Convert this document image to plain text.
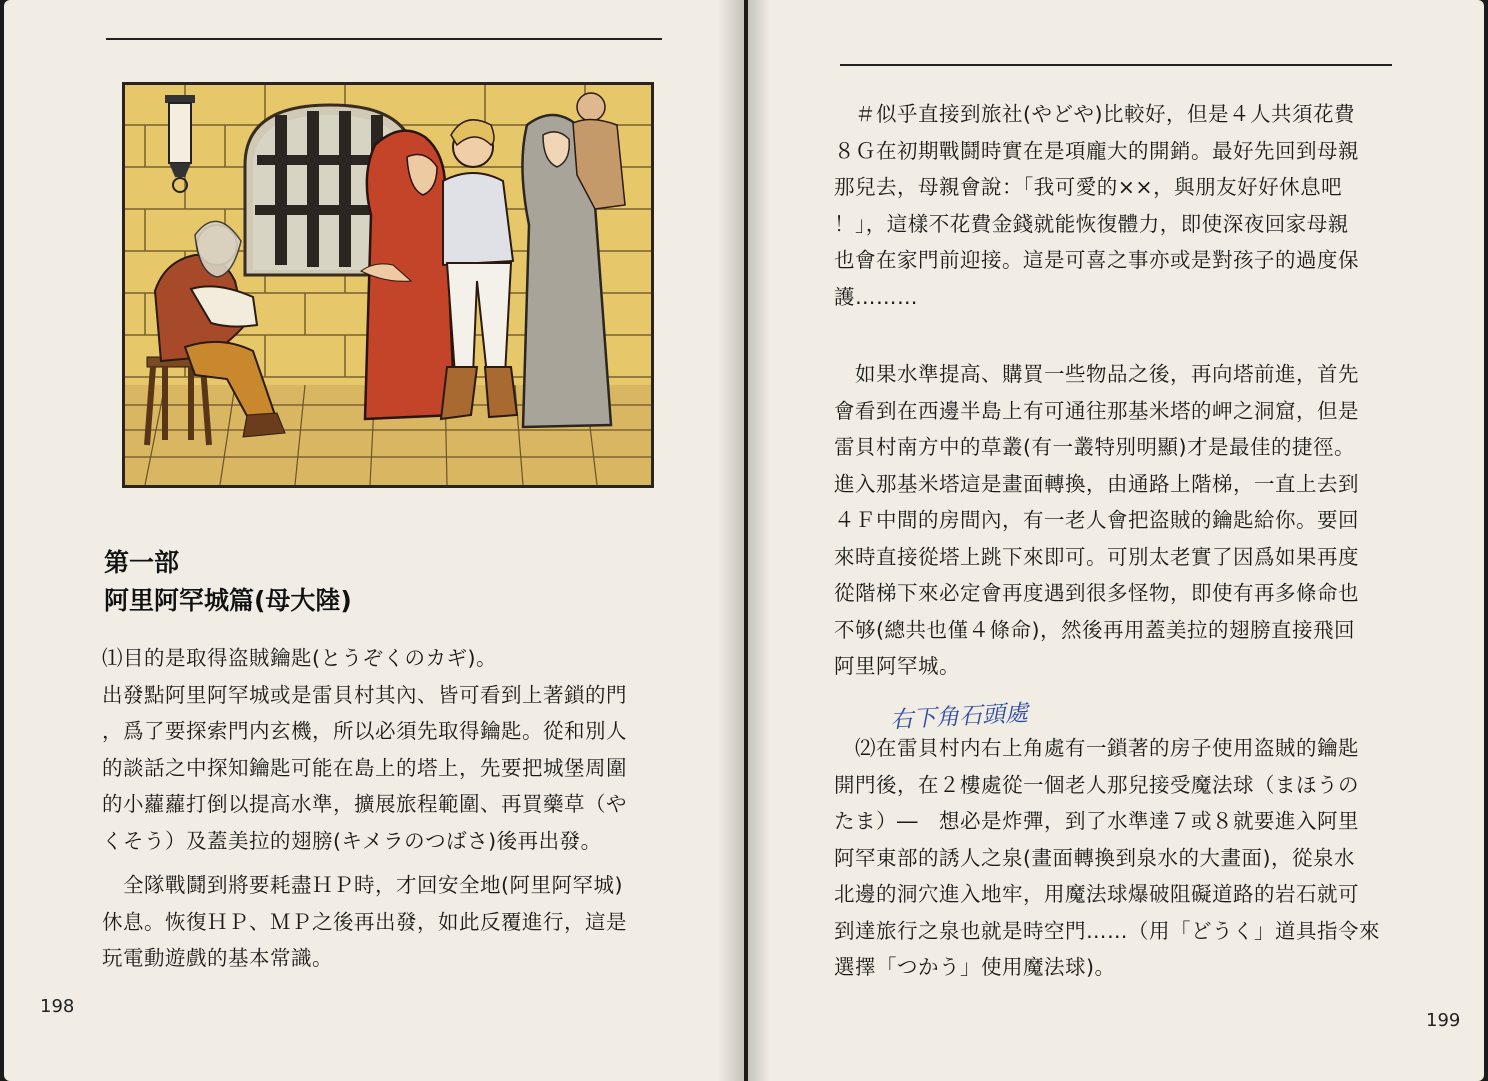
第一部
阿里阿罕城篇(母大陸)

⑴目的是取得盗賊鑰匙(とうぞくのカギ)。

出發點阿里阿罕城或是雷貝村其內、皆可看到上著鎖的門

，爲了要探索門内玄機，所以必須先取得鑰匙。從和別人

的談話之中探知鑰匙可能在島上的塔上，先要把城堡周圍

的小蘿蘿打倒以提高水準，擴展旅程範圍、再買藥草（や

くそう）及蓋美拉的翅膀(キメラのつばさ)後再出發。

　全隊戰鬪到將要耗盡ＨＰ時，才回安全地(阿里阿罕城)

休息。恢復ＨＰ、ＭＰ之後再出發，如此反覆進行，這是

玩電動遊戲的基本常識。

198

　＃似乎直接到旅社(やどや)比較好，但是４人共須花費

８Ｇ在初期戰鬪時實在是項龐大的開銷。最好先回到母親

那兒去，母親會說：「我可愛的××，與朋友好好休息吧

！」，這樣不花費金錢就能恢復體力，即使深夜回家母親

也會在家門前迎接。這是可喜之事亦或是對孩子的過度保

護………

　如果水準提高、購買一些物品之後，再向塔前進，首先

會看到在西邊半島上有可通往那基米塔的岬之洞窟，但是

雷貝村南方中的草叢(有一叢特別明顯)才是最佳的捷徑。

進入那基米塔這是畫面轉換，由通路上階梯，一直上去到

４Ｆ中間的房間內，有一老人會把盗賊的鑰匙給你。要回

來時直接從塔上跳下來即可。可別太老實了因爲如果再度

從階梯下來必定會再度遇到很多怪物，即使有再多條命也

不够(總共也僅４條命)，然後再用蓋美拉的翅膀直接飛回

阿里阿罕城。

　⑵在雷貝村内右上角處有一鎖著的房子使用盗賊的鑰匙

開門後，在２樓處從一個老人那兒接受魔法球（まほうの

たま）―　想必是炸彈，到了水準達７或８就要進入阿里

阿罕東部的誘人之泉(畫面轉換到泉水的大畫面)，從泉水

北邊的洞穴進入地牢，用魔法球爆破阻礙道路的岩石就可

到達旅行之泉也就是時空門……（用「どうく」道具指令來

選擇「つかう」使用魔法球)。

199
右下角石頭處
